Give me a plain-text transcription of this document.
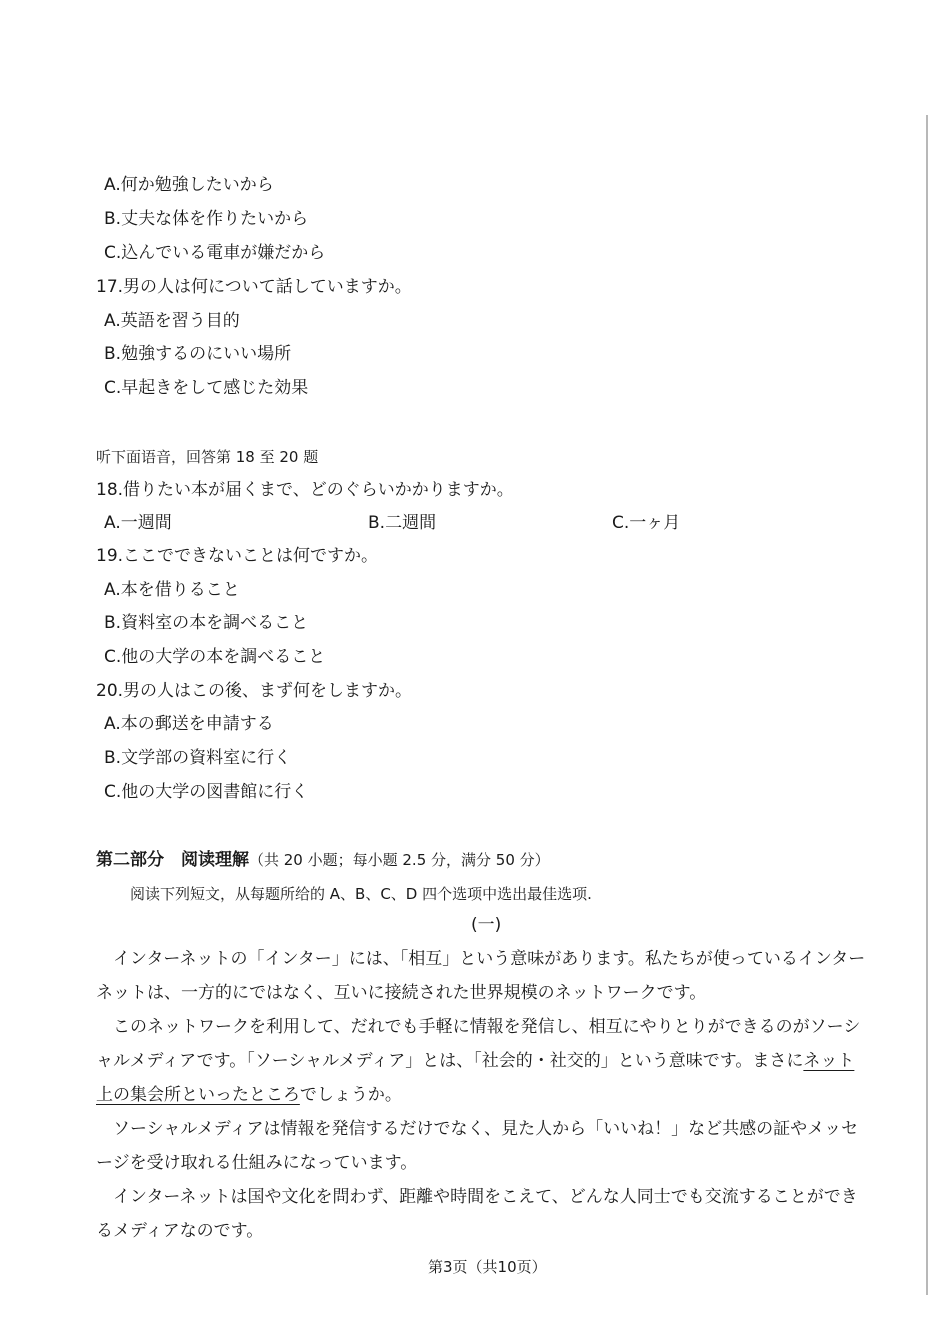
A.何か勉強したいから
B.丈夫な体を作りたいから
C.込んでいる電車が嫌だから
17.男の人は何について話していますか。
A.英語を習う目的
B.勉強するのにいい場所
C.早起きをして感じた効果
听下面语音，回答第 18 至 20 题
18.借りたい本が届くまで、どのぐらいかかりますか。
A.一週間	B.二週間	C.一ヶ月
19.ここでできないことは何ですか。
A.本を借りること
B.資料室の本を調べること
C.他の大学の本を調べること
20.男の人はこの後、まず何をしますか。
A.本の郵送を申請する
B.文学部の資料室に行く
C.他の大学の図書館に行く
第二部分　阅读理解（共 20 小题；每小题 2.5 分，满分 50 分）
阅读下列短文，从每题所给的 A、B、C、D 四个选项中选出最佳选项.
(一)

インターネットの「インター」には、「相互」という意味があります。私たちが使っているインターネットは、一方的にではなく、互いに接続された世界規模のネットワークです。

このネットワークを利用して、だれでも手軽に情報を発信し、相互にやりとりができるのがソーシャルメディアです。「ソーシャルメディア」とは、「社会的・社交的」という意味です。まさにネット上の集会所といったところでしょうか。

ソーシャルメディアは情報を発信するだけでなく、見た人から「いいね！」など共感の証やメッセージを受け取れる仕組みになっています。

インターネットは国や文化を問わず、距離や時間をこえて、どんな人同士でも交流することができるメディアなのです。

第3页（共10页）
